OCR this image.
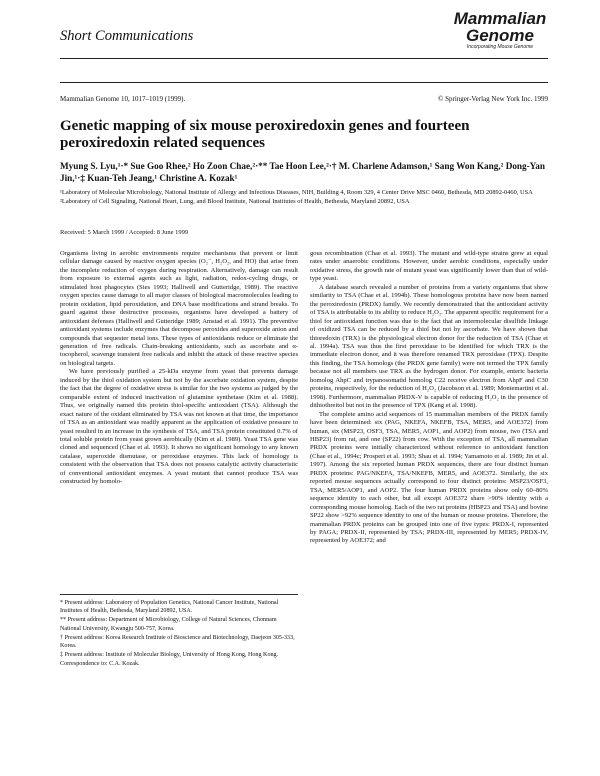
Short Communications
Mammalian
Genome
Incorporating Mouse Genome
Mammalian Genome 10, 1017–1019 (1999).	© Springer-Verlag New York Inc. 1999
Genetic mapping of six mouse peroxiredoxin genes and fourteen peroxiredoxin related sequences
Myung S. Lyu,¹·* Sue Goo Rhee,² Ho Zoon Chae,²·** Tae Hoon Lee,²·† M. Charlene Adamson,¹ Sang Won Kang,² Dong-Yan Jin,¹·‡ Kuan-Teh Jeang,¹ Christine A. Kozak¹
¹Laboratory of Molecular Microbiology, National Institute of Allergy and Infectious Diseases, NIH, Building 4, Room 329, 4 Center Drive MSC 0460, Bethesda, MD 20892-0460, USA
²Laboratory of Cell Signaling, National Heart, Lung, and Blood Institute, National Institutes of Health, Bethesda, Maryland 20892, USA
Received: 5 March 1999 / Accepted: 8 June 1999

Organisms living in aerobic environments require mechanisms that prevent or limit cellular damage caused by reactive oxygen species (O₂⁻, H₂O₂, and HO) that arise from the incomplete reduction of oxygen during respiration. Alternatively, damage can result from exposure to external agents such as light, radiation, redox-cycling drugs, or stimulated host phagocytes (Sies 1993; Halliwell and Gutteridge, 1989). The reactive oxygen species cause damage to all major classes of biological macromolecules leading to protein oxidation, lipid peroxidation, and DNA base modifications and strand breaks. To guard against these destructive processes, organisms have developed a battery of antioxidant defenses (Halliwell and Gutteridge 1989; Amstad et al. 1991). The preventive antioxidant systems include enzymes that decompose peroxides and superoxide anion and compounds that sequester metal ions. These types of antioxidants reduce or eliminate the generation of free radicals. Chain-breaking antioxidants, such as ascorbate and α-tocopherol, scavenge transient free radicals and inhibit the attack of these reactive species on biological targets.

We have previously purified a 25-kDa enzyme from yeast that prevents damage induced by the thiol oxidation system but not by the ascorbate oxidation system, despite the fact that the degree of oxidative stress is similar for the two systems as judged by the comparable extent of induced inactivation of glutamine synthetase (Kim et al. 1988). Thus, we originally named this protein thiol-specific antioxidant (TSA). Although the exact nature of the oxidant eliminated by TSA was not known at that time, the importance of TSA as an antioxidant was readily apparent as the application of oxidative pressure to yeast resulted in an increase in the synthesis of TSA, and TSA protein constituted 0.7% of total soluble protein from yeast grown aerobically (Kim et al. 1989). Yeast TSA gene was cloned and sequenced (Chae et al. 1993). It shows no significant homology to any known catalase, superoxide dismutase, or peroxidase enzymes. This lack of homology is consistent with the observation that TSA does not possess catalytic activity characteristic of conventional antioxidant enzymes. A yeast mutant that cannot produce TSA was constructed by homolo-

* Present address: Laboratory of Population Genetics, National Cancer Institute, National Institutes of Health, Bethesda, Maryland 20892, USA.

** Present address: Department of Microbiology, College of Natural Sciences, Chonnam National University, Kwangju 500-757, Korea.

† Present address: Korea Research Institute of Bioscience and Biotechnology, Daejeon 305-333, Korea.

‡ Present address: Institute of Molecular Biology, University of Hong Kong, Hong Kong.

Correspondence to: C.A. Kozak.

gous recombination (Chae et al. 1993). The mutant and wild-type strains grew at equal rates under anaerobic conditions. However, under aerobic conditions, especially under oxidative stress, the growth rate of mutant yeast was significantly lower than that of wild-type yeast.

A database search revealed a number of proteins from a variety organisms that show similarity to TSA (Chae et al. 1994b). These homologous proteins have now been named the peroxiredoxin (PRDX) family. We recently demonstrated that the antioxidant activity of TSA is attributable to its ability to reduce H₂O₂. The apparent specific requirement for a thiol for antioxidant function was due to the fact that an intermolecular disulfide linkage of oxidized TSA can be reduced by a thiol but not by ascorbate. We have shown that thioredoxin (TRX) is the physiological electron donor for the reduction of TSA (Chae et al. 1994a). TSA was thus the first peroxidase to be identified for which TRX is the immediate electron donor, and it was therefore renamed TRX peroxidase (TPX). Despite this finding, the TSA homologs (the PRDX gene family) were not termed the TPX family because not all members use TRX as the hydrogen donor. For example, enteric bacteria homolog AhpC and trypanosomatid homolog C22 receive electron from AhpF and C30 proteins, respectively, for the reduction of H₂O₂ (Jacobson et al. 1989; Montemartini et al. 1998). Furthermore, mammalian PRDX-V is capable of reducing H₂O₂ in the presence of dithiothreitol but not in the presence of TPX (Kang et al. 1998).

The complete amino acid sequences of 15 mammalian members of the PRDX family have been determined: six (PAG, NKEFA, NKEFB, TSA, MER5, and AOE372) from human, six (MSP23, OSF3, TSA, MER5, AOP1, and AOP2) from mouse, two (TSA and HBP23) from rat, and one (SP22) from cow. With the exception of TSA, all mammalian PRDX proteins were initially characterized without reference to antioxidant function (Chae et al., 1994c; Prosperi et al. 1993; Shau et al. 1994; Yamamoto et al. 1989; Jin et al. 1997). Among the six reported human PRDX sequences, there are four distinct human PRDX proteins: PAG/NKEFA, TSA/NKEFB, MER5, and AOE372. Similarly, the six reported mouse sequences actually correspond to four distinct proteins: MSP23/OSF3, TSA, MER5/AOP1, and AOP2. The four human PRDX proteins show only 60–80% sequence identity to each other, but all except AOE372 share >90% identity with a corresponding mouse homolog. Each of the two rat proteins (HBP23 and TSA) and bovine SP22 show >92% sequence identity to one of the human or mouse proteins. Therefore, the mammalian PRDX proteins can be grouped into one of five types: PRDX-I, represented by PAGA; PRDX-II, represented by TSA; PRDX-III, represented by MER5; PRDX-IV, represented by AOE372; and
